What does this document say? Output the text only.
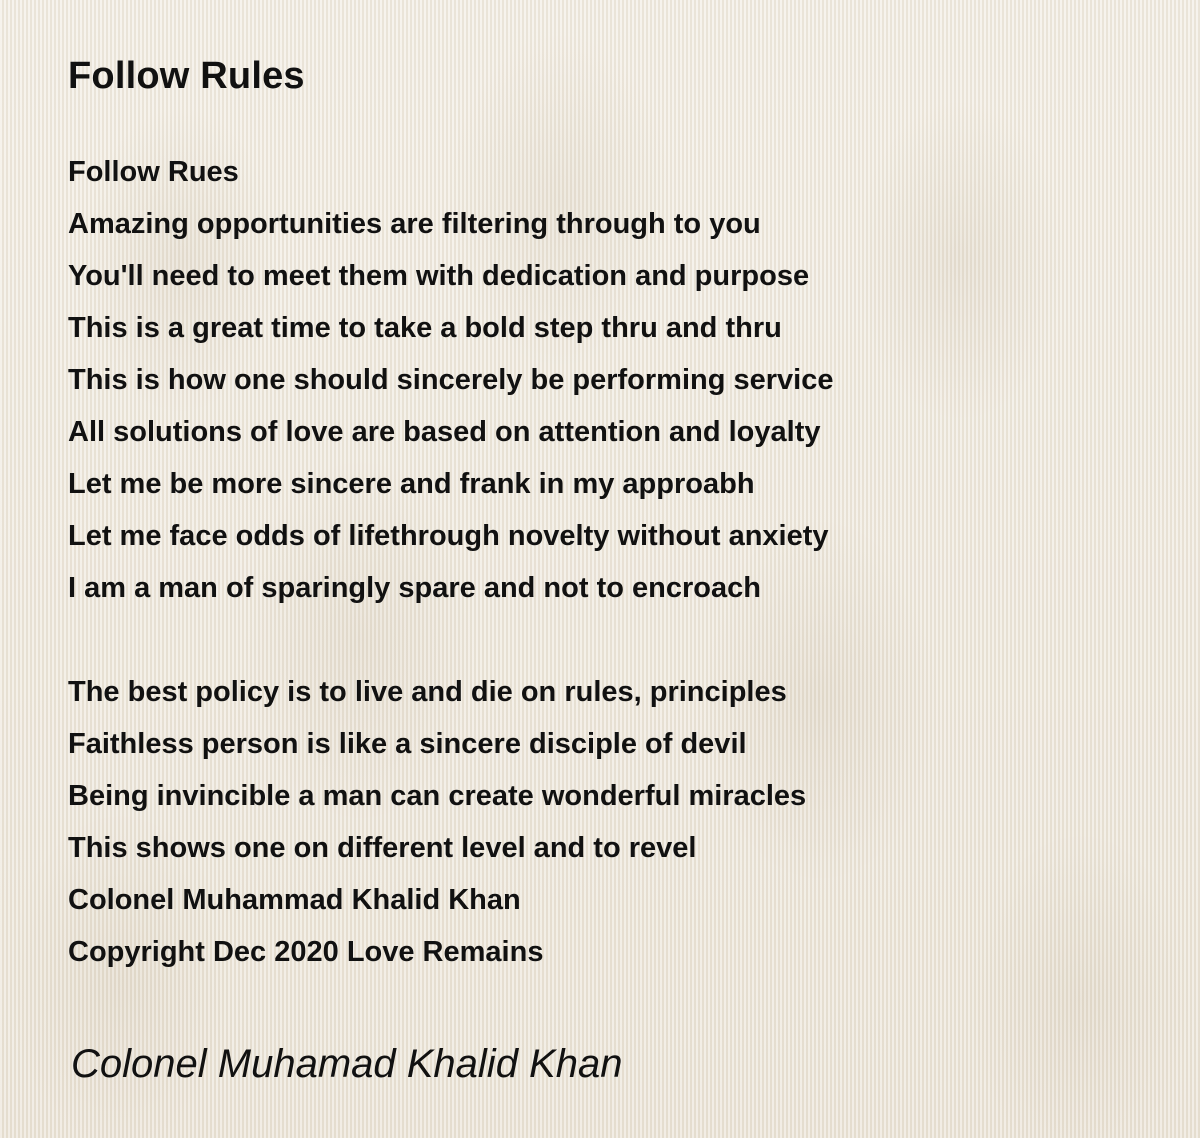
Follow Rules

Follow Rues
Amazing opportunities are filtering through to you
You'll need to meet them with dedication and purpose
This is a great time to take a bold step thru and thru
This is how one should sincerely be performing service
All solutions of love are based on attention and loyalty
Let me be more sincere and frank in my approabh
Let me face odds of lifethrough novelty without anxiety
I am a man of sparingly spare and not to encroach

The best policy is to live and die on rules, principles
Faithless person is like a sincere disciple of devil
Being invincible a man can create wonderful miracles
This shows one on different level and to revel
Colonel Muhammad Khalid Khan
Copyright Dec 2020 Love Remains

Colonel Muhamad Khalid Khan
